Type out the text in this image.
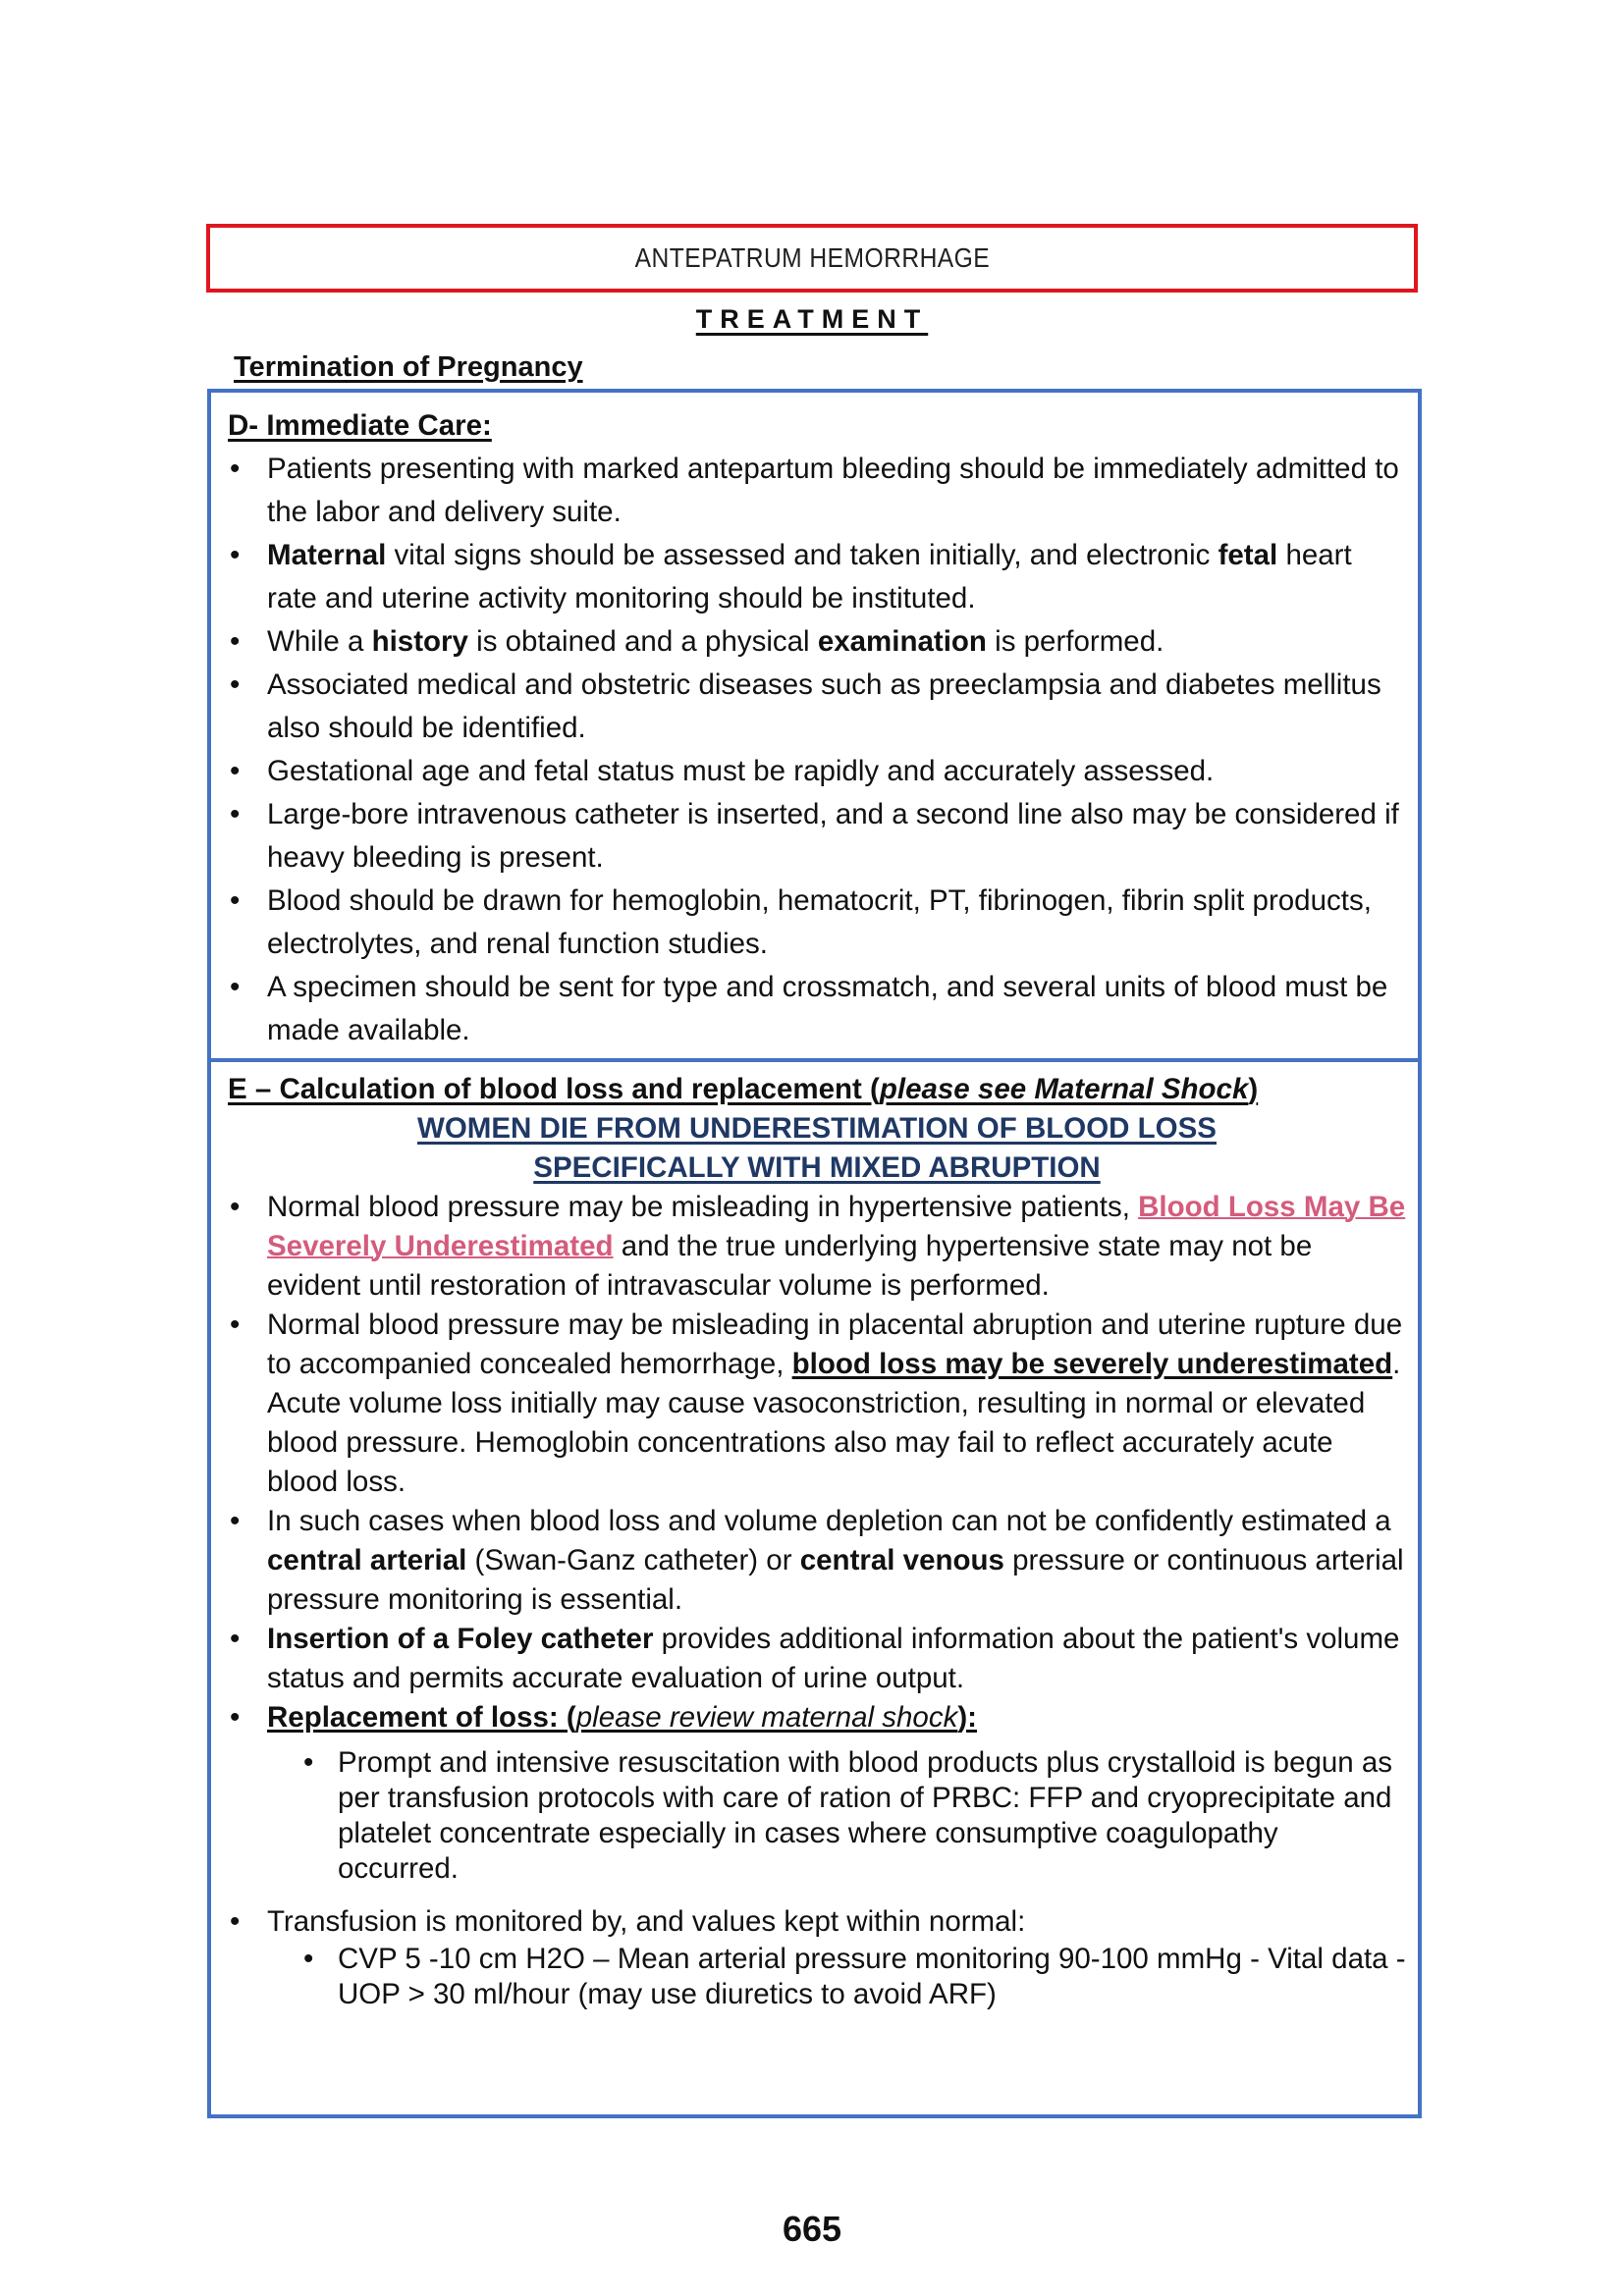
ANTEPATRUM HEMORRHAGE
TREATMENT
Termination of Pregnancy
D- Immediate Care:
• Patients presenting with marked antepartum bleeding should be immediately admitted to the labor and delivery suite.
• Maternal vital signs should be assessed and taken initially, and electronic fetal heart rate and uterine activity monitoring should be instituted.
• While a history is obtained and a physical examination is performed.
• Associated medical and obstetric diseases such as preeclampsia and diabetes mellitus also should be identified.
• Gestational age and fetal status must be rapidly and accurately assessed.
• Large-bore intravenous catheter is inserted, and a second line also may be considered if heavy bleeding is present.
• Blood should be drawn for hemoglobin, hematocrit, PT, fibrinogen, fibrin split products, electrolytes, and renal function studies.
• A specimen should be sent for type and crossmatch, and several units of blood must be made available.
E – Calculation of blood loss and replacement (please see Maternal Shock)
WOMEN DIE FROM UNDERESTIMATION OF BLOOD LOSS
SPECIFICALLY WITH MIXED ABRUPTION
• Normal blood pressure may be misleading in hypertensive patients, Blood Loss May Be Severely Underestimated and the true underlying hypertensive state may not be evident until restoration of intravascular volume is performed.
• Normal blood pressure may be misleading in placental abruption and uterine rupture due to accompanied concealed hemorrhage, blood loss may be severely underestimated. Acute volume loss initially may cause vasoconstriction, resulting in normal or elevated blood pressure. Hemoglobin concentrations also may fail to reflect accurately acute blood loss.
• In such cases when blood loss and volume depletion can not be confidently estimated a central arterial (Swan-Ganz catheter) or central venous pressure or continuous arterial pressure monitoring is essential.
• Insertion of a Foley catheter provides additional information about the patient's volume status and permits accurate evaluation of urine output.
• Replacement of loss: (please review maternal shock):
• Prompt and intensive resuscitation with blood products plus crystalloid is begun as per transfusion protocols with care of ration of PRBC: FFP and cryoprecipitate and platelet concentrate especially in cases where consumptive coagulopathy occurred.
• Transfusion is monitored by, and values kept within normal:
• CVP 5 -10 cm H2O – Mean arterial pressure monitoring 90-100 mmHg - Vital data -UOP > 30 ml/hour (may use diuretics to avoid ARF)
665
